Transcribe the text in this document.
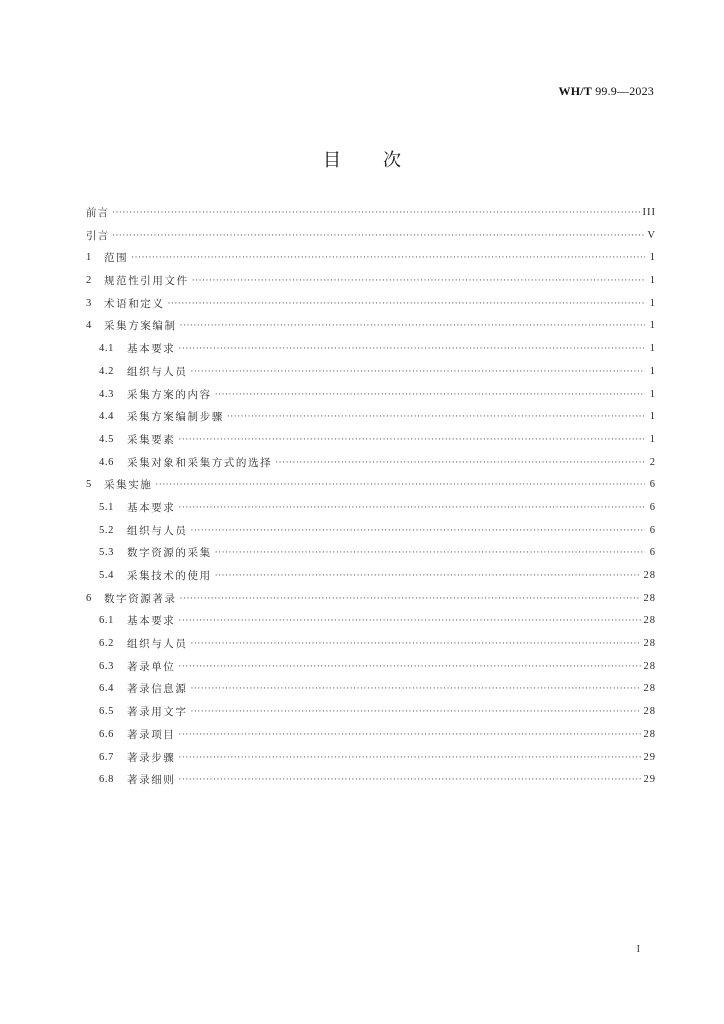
WH/T 99.9—2023
目 次
前言 ·····	III
引言 ·····	V
1	范围 ·····	1
2	规范性引用文件 ·····	1
3	术语和定义 ·····	1
4	采集方案编制 ·····	1
4.1	基本要求 ·····	1
4.2	组织与人员 ·····	1
4.3	采集方案的内容 ·····	1
4.4	采集方案编制步骤 ·····	1
4.5	采集要素 ·····	1
4.6	采集对象和采集方式的选择 ·····	2
5	采集实施 ·····	6
5.1	基本要求 ·····	6
5.2	组织与人员 ·····	6
5.3	数字资源的采集 ·····	6
5.4	采集技术的使用 ·····	28
6	数字资源著录 ·····	28
6.1	基本要求 ·····	28
6.2	组织与人员 ·····	28
6.3	著录单位 ·····	28
6.4	著录信息源 ·····	28
6.5	著录用文字 ·····	28
6.6	著录项目 ·····	28
6.7	著录步骤 ·····	29
6.8	著录细则 ·····	29
I
